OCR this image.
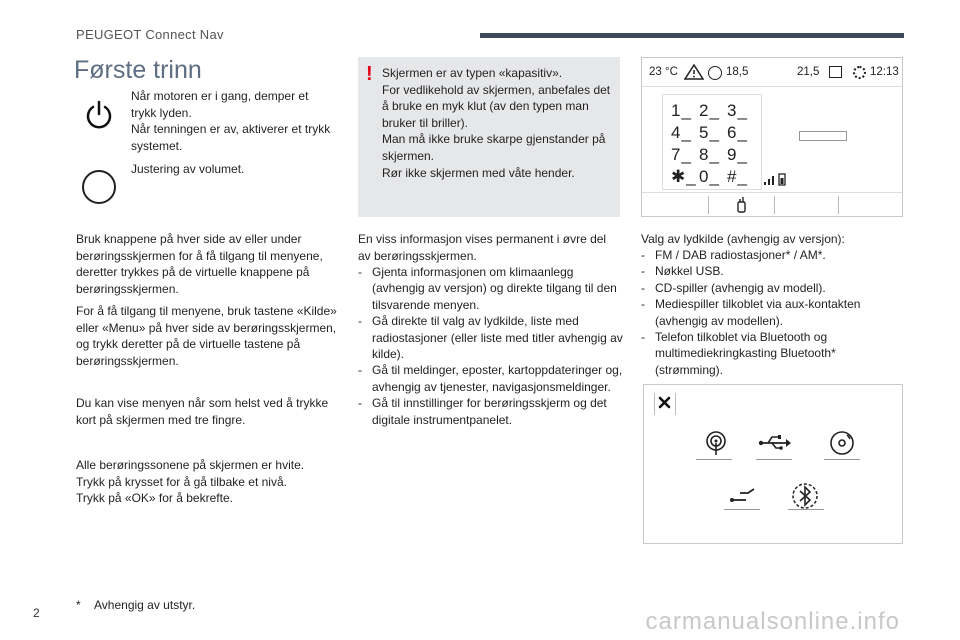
PEUGEOT Connect Nav
Første trinn
Når motoren er i gang, demper et trykk lyden.
Når tenningen er av, aktiverer et trykk systemet.
Justering av volumet.
Bruk knappene på hver side av eller under berøringsskjermen for å få tilgang til menyene, deretter trykkes på de virtuelle knappene på berøringsskjermen.
For å få tilgang til menyene, bruk tastene «Kilde» eller «Menu» på hver side av berøringsskjermen, og trykk deretter på de virtuelle tastene på berøringsskjermen.
Du kan vise menyen når som helst ved å trykke kort på skjermen med tre fingre.
Alle berøringssonene på skjermen er hvite.
Trykk på krysset for å gå tilbake et nivå.
Trykk på «OK» for å bekrefte.
! Skjermen er av typen «kapasitiv».
For vedlikehold av skjermen, anbefales det å bruke en myk klut (av den typen man bruker til briller).
Man må ikke bruke skarpe gjenstander på skjermen.
Rør ikke skjermen med våte hender.
En viss informasjon vises permanent i øvre del av berøringsskjermen.
- Gjenta informasjonen om klimaanlegg (avhengig av versjon) og direkte tilgang til den tilsvarende menyen.
- Gå direkte til valg av lydkilde, liste med radiostasjoner (eller liste med titler avhengig av kilde).
- Gå til meldinger, eposter, kartoppdateringer og, avhengig av tjenester, navigasjonsmeldinger.
- Gå til innstillinger for berøringsskjerm og det digitale instrumentpanelet.
23 °C	18,5	21,5	12:13
1_ 2_ 3_
4_ 5_ 6_
7_ 8_ 9_
✱_ 0_ #_
Valg av lydkilde (avhengig av versjon):
- FM / DAB radiostasjoner* / AM*.
- Nøkkel USB.
- CD-spiller (avhengig av modell).
- Mediespiller tilkoblet via aux-kontakten (avhengig av modellen).
- Telefon tilkoblet via Bluetooth og multimediekringkasting Bluetooth* (strømming).
* Avhengig av utstyr.
2	carmanualsonline.info
